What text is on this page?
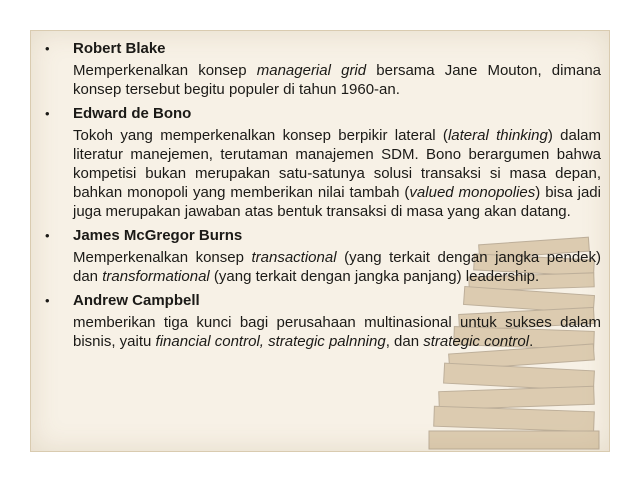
• Robert Blake
Memperkenalkan konsep managerial grid bersama Jane Mouton, dimana konsep tersebut begitu populer di tahun 1960-an.
• Edward de Bono
Tokoh yang memperkenalkan konsep berpikir lateral (lateral thinking) dalam literatur manejemen, terutaman manajemen SDM. Bono berargumen bahwa kompetisi bukan merupakan satu-satunya solusi transaksi si masa depan, bahkan monopoli yang memberikan nilai tambah (valued monopolies) bisa jadi juga merupakan jawaban atas bentuk transaksi di masa yang akan datang.
• James McGregor Burns
Memperkenalkan konsep transactional (yang terkait dengan jangka pendek) dan transformational (yang terkait dengan jangka panjang) leadership.
• Andrew Campbell
memberikan tiga kunci bagi perusahaan multinasional untuk sukses dalam bisnis, yaitu financial control, strategic palnning, dan strategic control.
